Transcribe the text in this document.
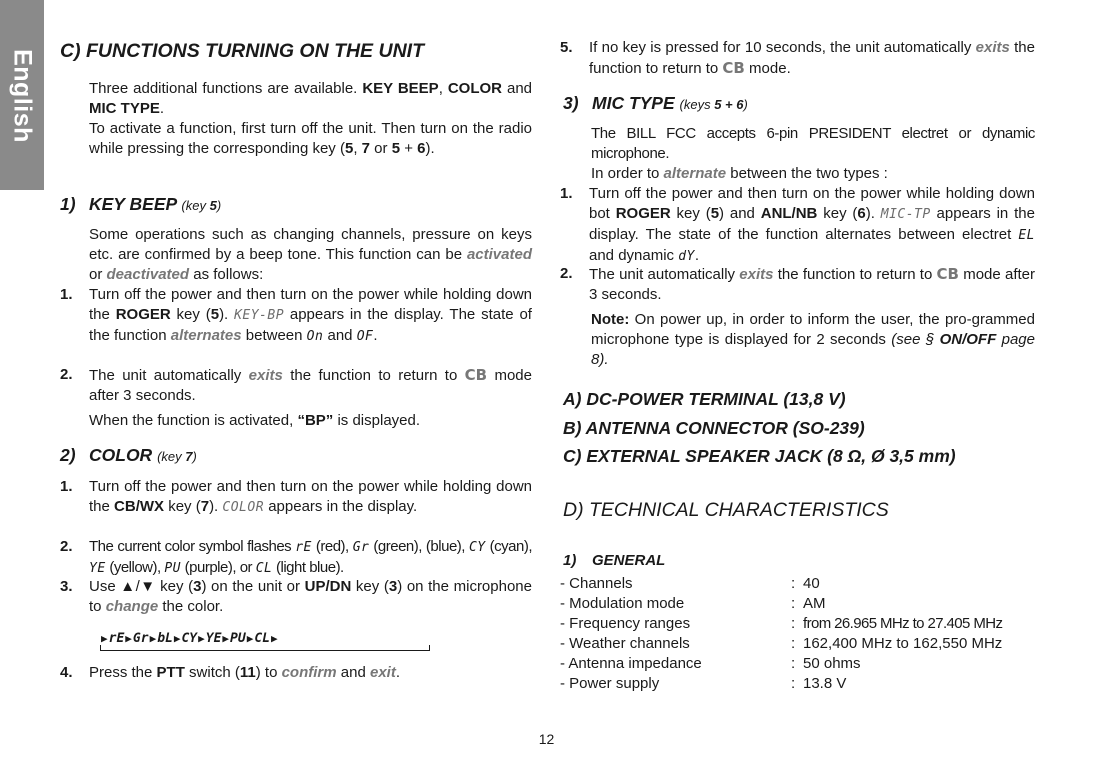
English C) FUNCTIONS TURNING ON THE UNIT
Three additional functions are available. KEY BEEP, COLOR and MIC TYPE.
To activate a function, first turn off the unit. Then turn on the radio while pressing the corresponding key (5, 7 or 5 + 6).
1) KEY BEEP (key 5)
Some operations such as changing channels, pressure on keys etc. are confirmed by a beep tone. This function can be activated or deactivated as follows:
1. Turn off the power and then turn on the power while holding down the ROGER key (5). KEY-BP appears in the display. The state of the function alternates between On and OF.
2. The unit automatically exits the function to return to CB mode after 3 seconds.
When the function is activated, “BP” is displayed.
2) COLOR (key 7)
1. Turn off the power and then turn on the power while holding down the CB/WX key (7). COLOR appears in the display.
2. The current color symbol flashes rE (red), Gr (green), (blue), CY (cyan), YE (yellow), PU (purple), or CL (light blue).
3. Use ▲/▼ key (3) on the unit or UP/DN key (3) on the microphone to change the color.
4. Press the PTT switch (11) to confirm and exit.
▶rE▶Gr▶bL▶CY▶YE▶PU▶CL▶
5. If no key is pressed for 10 seconds, the unit automatically exits the function to return to CB mode.
3) MIC TYPE (keys 5 + 6)
The BILL FCC accepts 6-pin PRESIDENT electret or dynamic microphone.
In order to alternate between the two types :
1. Turn off the power and then turn on the power while holding down bot ROGER key (5) and ANL/NB key (6). MIC-TP appears in the display. The state of the function alternates between electret EL and dynamic dY.
2. The unit automatically exits the function to return to CB mode after 3 seconds.
Note: On power up, in order to inform the user, the pro-grammed microphone type is displayed for 2 seconds (see § ON/OFF page 8).
A) DC-POWER TERMINAL (13,8 V)
B) ANTENNA CONNECTOR (SO-239)
C) EXTERNAL SPEAKER JACK (8 Ω, Ø 3,5 mm)
D) TECHNICAL CHARACTERISTICS
1) GENERAL
- Channels	: 40
- Modulation mode	: AM
- Frequency ranges	: from 26.965 MHz to 27.405 MHz
- Weather channels	: 162,400 MHz to 162,550 MHz
- Antenna impedance	: 50 ohms
- Power supply	: 13.8 V
12
